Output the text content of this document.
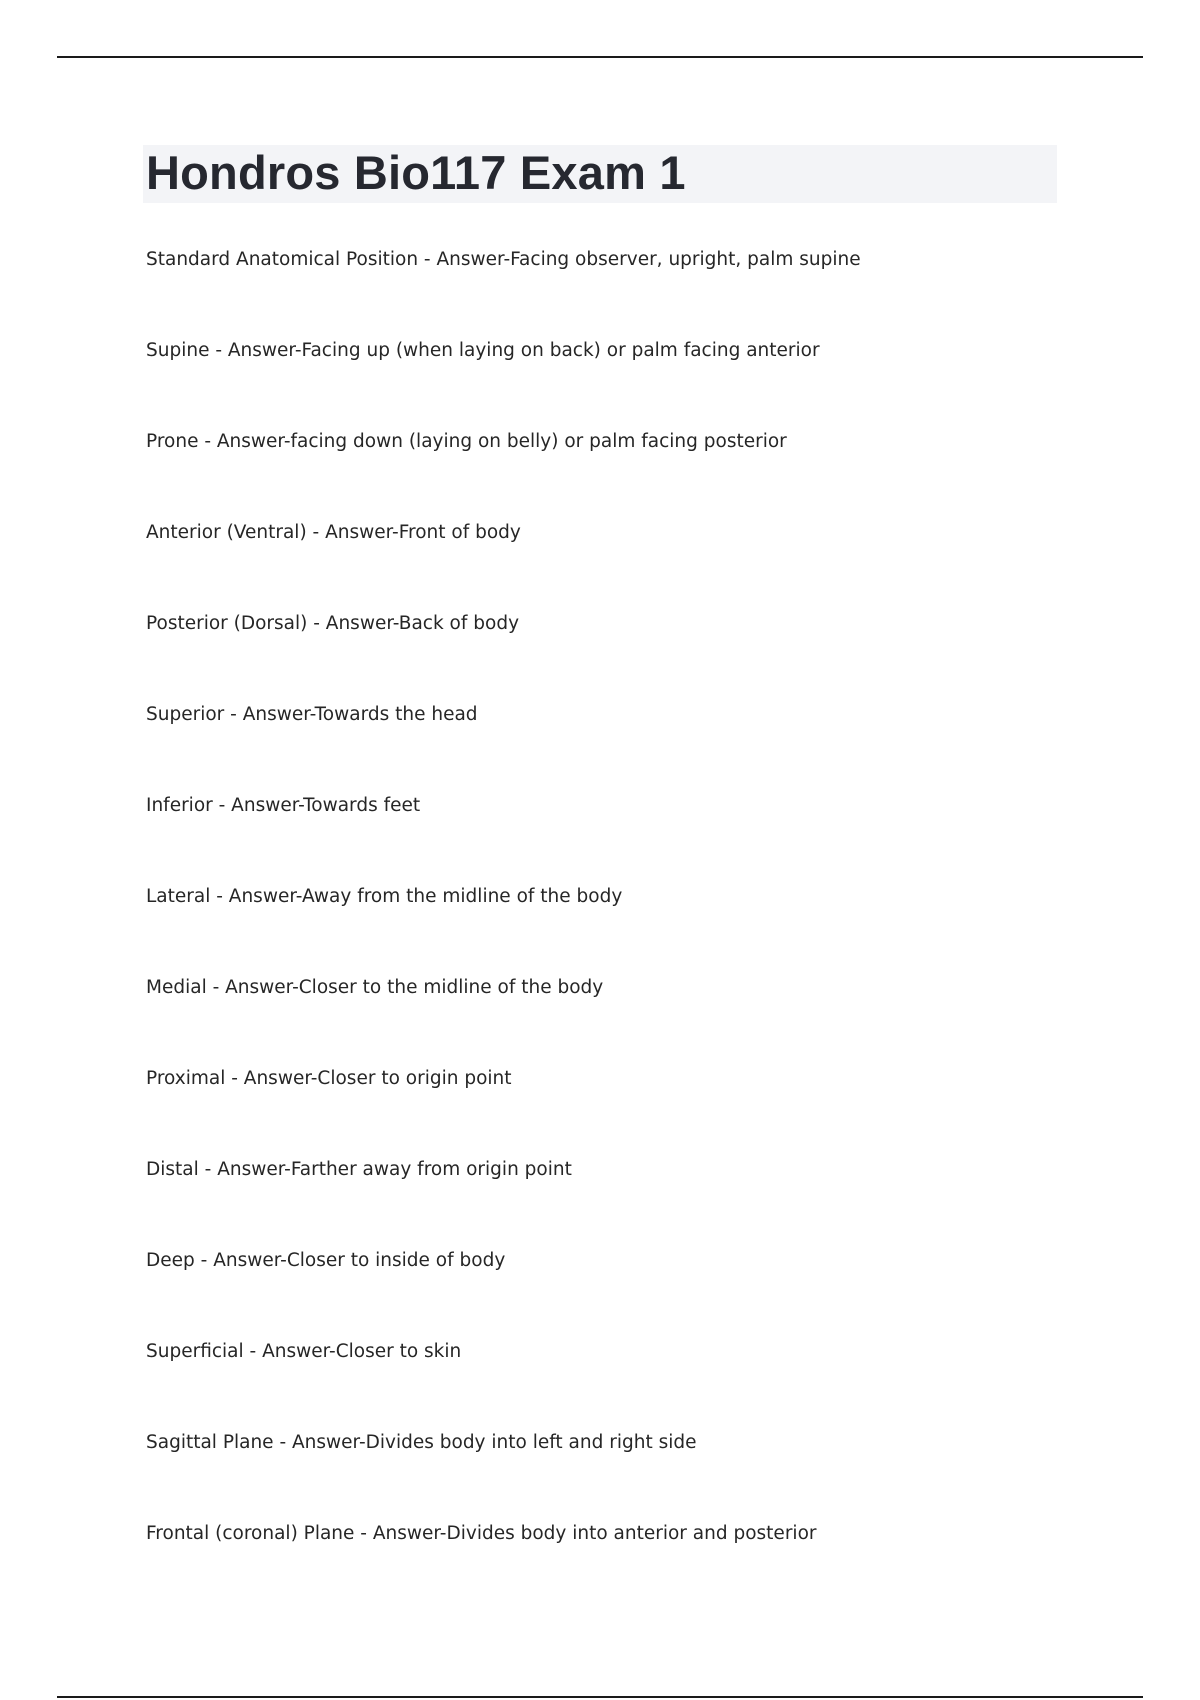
Hondros Bio117 Exam 1
Standard Anatomical Position - Answer-Facing observer, upright, palm supine
Supine - Answer-Facing up (when laying on back) or palm facing anterior
Prone - Answer-facing down (laying on belly) or palm facing posterior
Anterior (Ventral) - Answer-Front of body
Posterior (Dorsal) - Answer-Back of body
Superior - Answer-Towards the head
Inferior - Answer-Towards feet
Lateral - Answer-Away from the midline of the body
Medial - Answer-Closer to the midline of the body
Proximal - Answer-Closer to origin point
Distal - Answer-Farther away from origin point
Deep - Answer-Closer to inside of body
Superficial - Answer-Closer to skin
Sagittal Plane - Answer-Divides body into left and right side
Frontal (coronal) Plane - Answer-Divides body into anterior and posterior
